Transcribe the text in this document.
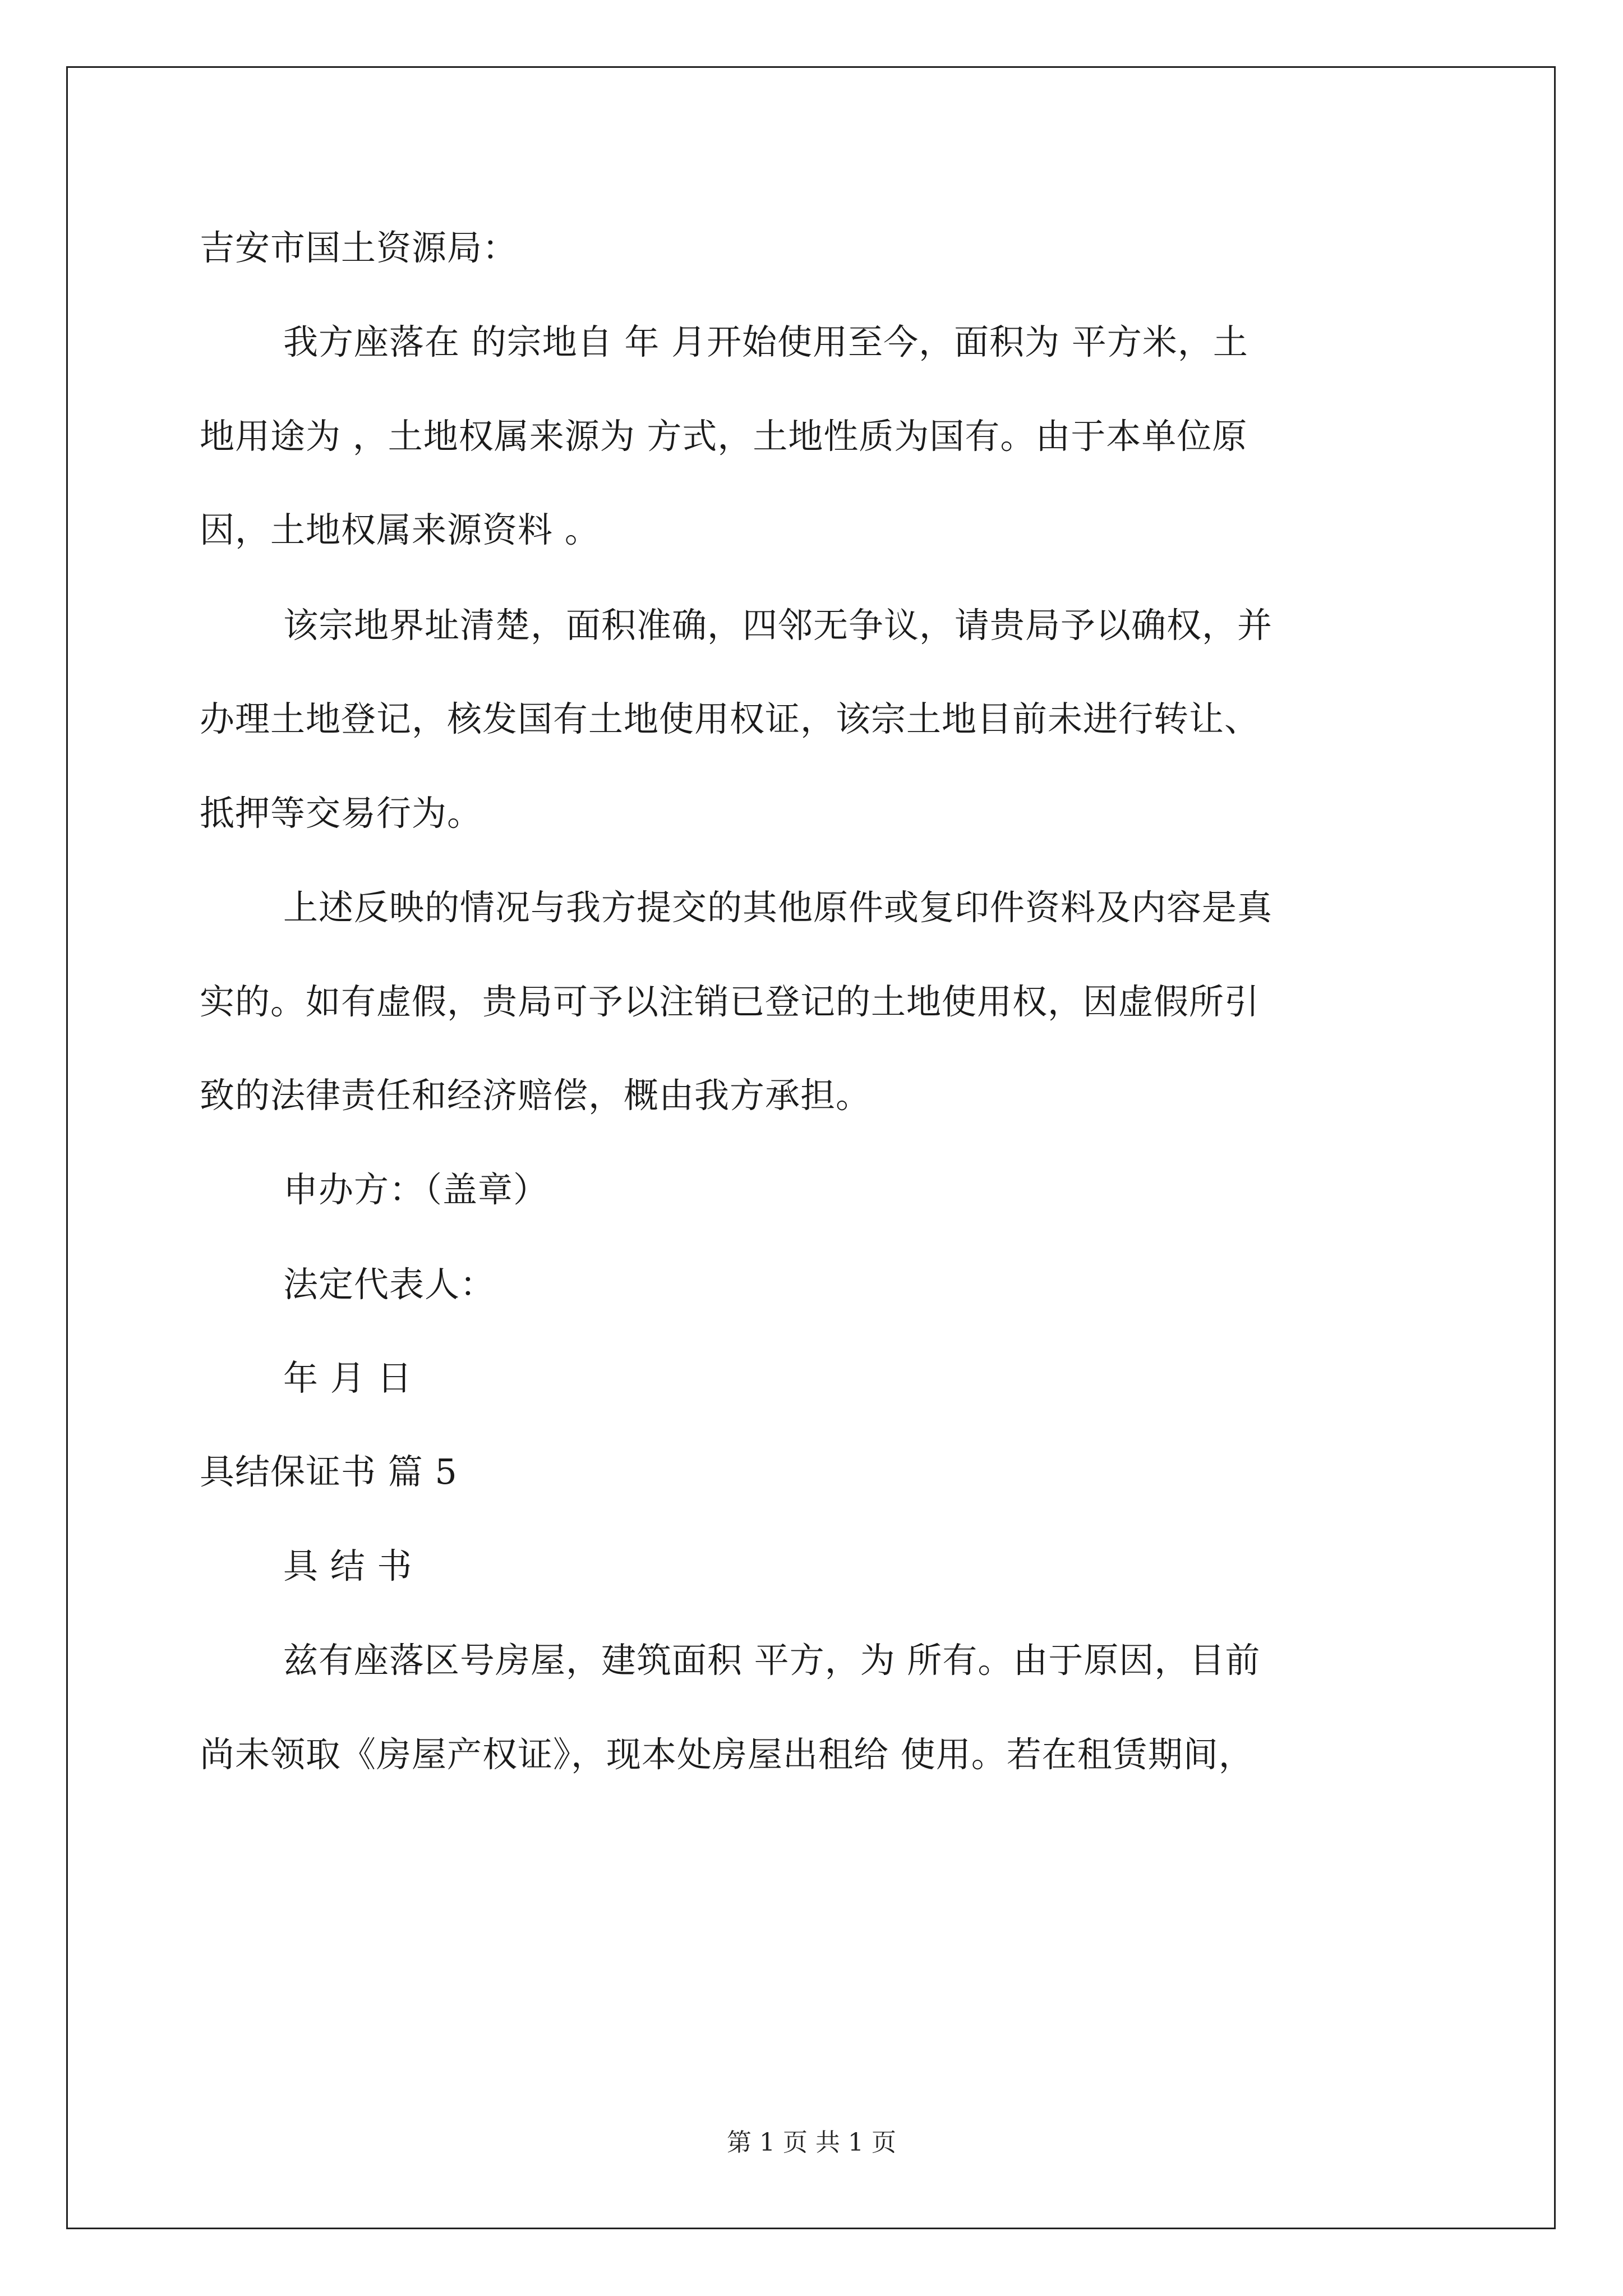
吉安市国土资源局：
我方座落在 的宗地自 年 月开始使用至今，面积为 平方米，土
地用途为 ，土地权属来源为 方式，土地性质为国有。由于本单位原
因，土地权属来源资料 。
该宗地界址清楚，面积准确，四邻无争议，请贵局予以确权，并
办理土地登记，核发国有土地使用权证，该宗土地目前未进行转让、
抵押等交易行为。
上述反映的情况与我方提交的其他原件或复印件资料及内容是真
实的。如有虚假，贵局可予以注销已登记的土地使用权，因虚假所引
致的法律责任和经济赔偿，概由我方承担。
申办方：（盖章）
法定代表人：
年 月 日
具结保证书 篇 5
具 结 书
兹有座落区号房屋，建筑面积 平方，为 所有。由于原因，目前
尚未领取《房屋产权证》，现本处房屋出租给 使用。若在租赁期间，
第 1 页 共 1 页
